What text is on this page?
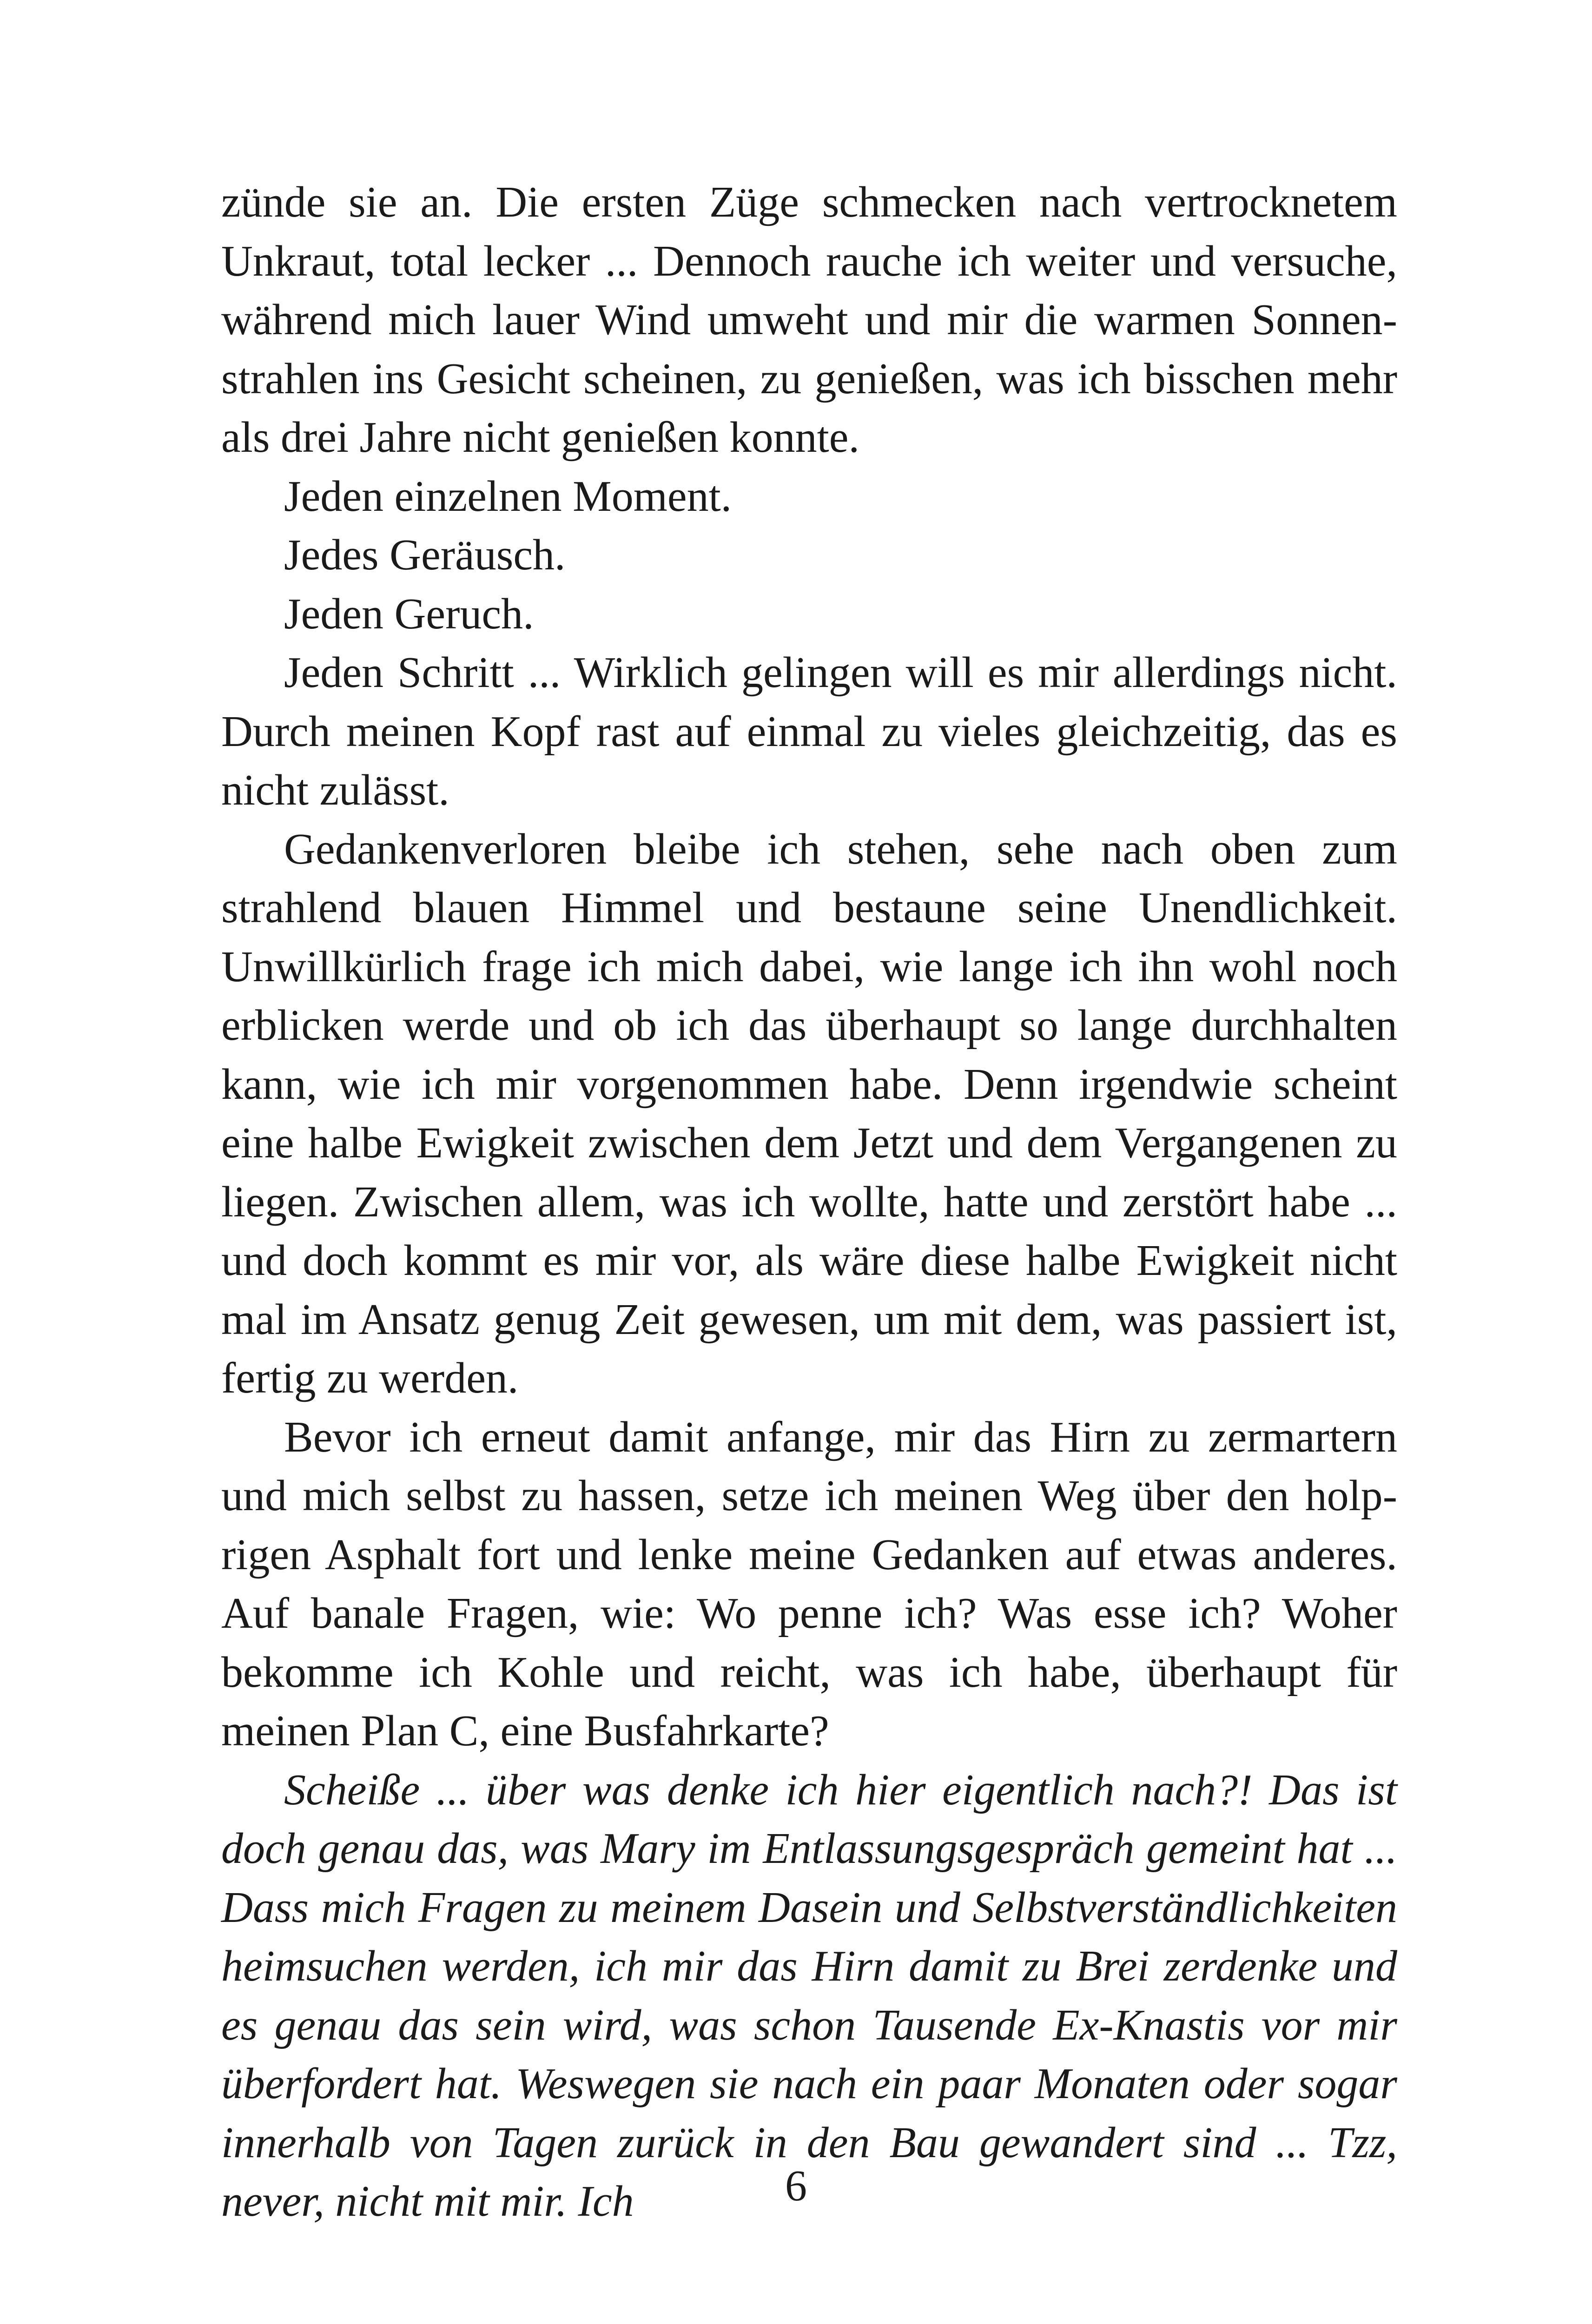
zünde sie an. Die ersten Züge schmecken nach vertrocknetem Unkraut, total lecker ... Dennoch rauche ich weiter und versuche, während mich lauer Wind umweht und mir die warmen Sonnenstrahlen ins Gesicht scheinen, zu genießen, was ich bisschen mehr als drei Jahre nicht genießen konnte.

Jeden einzelnen Moment.

Jedes Geräusch.

Jeden Geruch.

Jeden Schritt ... Wirklich gelingen will es mir allerdings nicht. Durch meinen Kopf rast auf einmal zu vieles gleichzeitig, das es nicht zulässt.

Gedankenverloren bleibe ich stehen, sehe nach oben zum strahlend blauen Himmel und bestaune seine Unendlichkeit. Unwillkürlich frage ich mich dabei, wie lange ich ihn wohl noch erblicken werde und ob ich das überhaupt so lange durchhalten kann, wie ich mir vorgenommen habe. Denn irgendwie scheint eine halbe Ewigkeit zwischen dem Jetzt und dem Vergangenen zu liegen. Zwischen allem, was ich wollte, hatte und zerstört habe ... und doch kommt es mir vor, als wäre diese halbe Ewigkeit nicht mal im Ansatz genug Zeit gewesen, um mit dem, was passiert ist, fertig zu werden.

Bevor ich erneut damit anfange, mir das Hirn zu zermartern und mich selbst zu hassen, setze ich meinen Weg über den holprigen Asphalt fort und lenke meine Gedanken auf etwas anderes. Auf banale Fragen, wie: Wo penne ich? Was esse ich? Woher bekomme ich Kohle und reicht, was ich habe, überhaupt für meinen Plan C, eine Busfahrkarte?

Scheiße ... über was denke ich hier eigentlich nach?! Das ist doch genau das, was Mary im Entlassungsgespräch gemeint hat ... Dass mich Fragen zu meinem Dasein und Selbstverständlichkeiten heimsuchen werden, ich mir das Hirn damit zu Brei zerdenke und es genau das sein wird, was schon Tausende Ex-Knastis vor mir überfordert hat. Weswegen sie nach ein paar Monaten oder sogar innerhalb von Tagen zurück in den Bau gewandert sind ... Tzz, never, nicht mit mir. Ich	6
